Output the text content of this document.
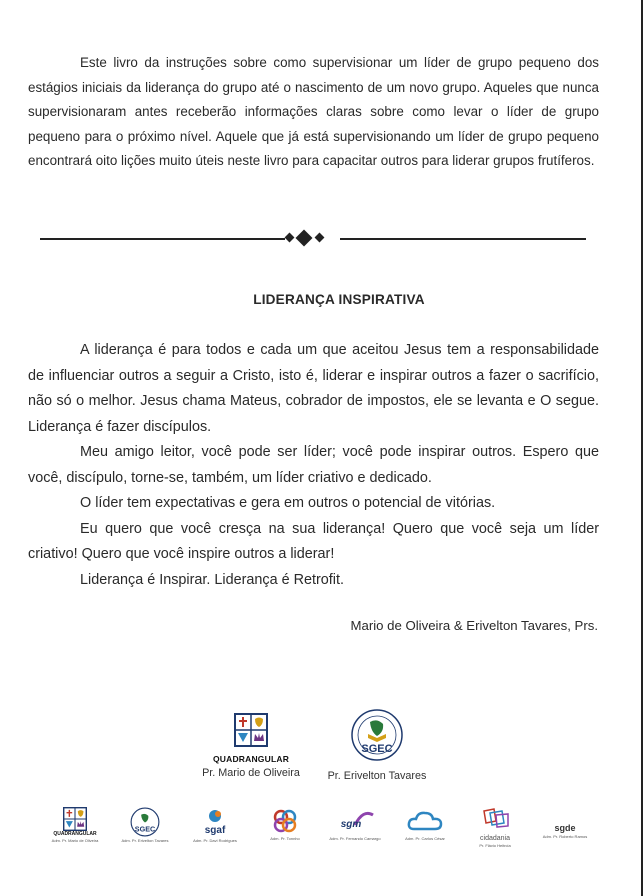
Este livro da instruções sobre como supervisionar um líder de grupo pequeno dos estágios iniciais da liderança do grupo até o nascimento de um novo grupo. Aqueles que nunca supervisionaram antes receberão informações claras sobre como levar o líder de grupo pequeno para o próximo nível. Aquele que já está supervisionando um líder de grupo pequeno encontrará oito lições muito úteis neste livro para capacitar outros para liderar grupos frutíferos.

LIDERANÇA INSPIRATIVA

A liderança é para todos e cada um que aceitou Jesus tem a responsabilidade de influenciar outros a seguir a Cristo, isto é, liderar e inspirar outros a fazer o sacrifício, não só o melhor. Jesus chama Mateus, cobrador de impostos, ele se levanta e O segue. Liderança é fazer discípulos.

Meu amigo leitor, você pode ser líder; você pode inspirar outros. Espero que você, discípulo, torne-se, também, um líder criativo e dedicado.

O líder tem expectativas e gera em outros o potencial de vitórias.

Eu quero que você cresça na sua liderança! Quero que você seja um líder criativo! Quero que você inspire outros a liderar!

Liderança é Inspirar. Liderança é Retrofit.

Mario de Oliveira & Erivelton Tavares, Prs.

QUADRANGULAR
Pr. Mario de Oliveira
SGEC
Pr. Erivelton Tavares
QUADRANGULAR
Adm. Pr. Mario de Oliveira
SGEC
Adm. Pr. Erivelton Tavares
sgaf
Adm. Pr. Davi Rodrigues	Adm. Pr. Tonnho
sgm
Adm. Pr. Fernando Camargo	Adm. Pr. Carlos César	cidadania
Pr. Flávio Heitrcia
sgde
Adm. Pr. Roberto Ramos
